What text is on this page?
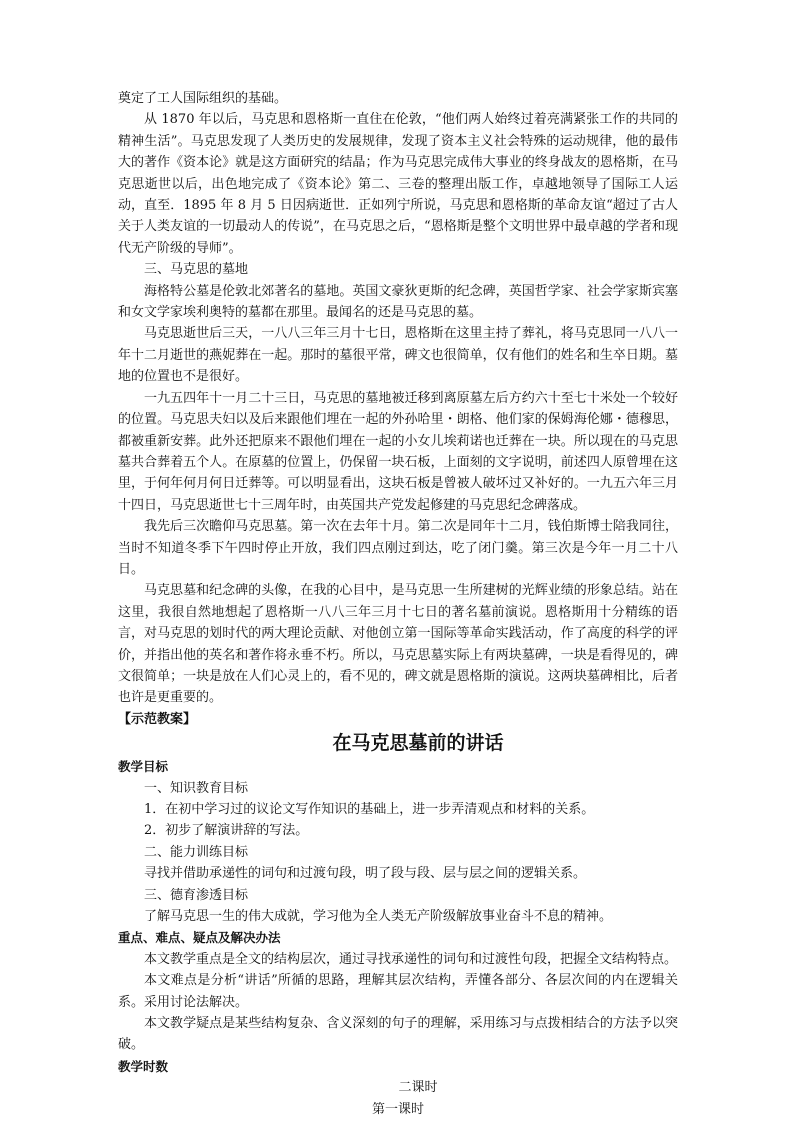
奠定了工人国际组织的基础。

从 1870 年以后，马克思和恩格斯一直住在伦敦，“他们两人始终过着亮满紧张工作的共同的精神生活”。马克思发现了人类历史的发展规律，发现了资本主义社会特殊的运动规律，他的最伟大的著作《资本论》就是这方面研究的结晶；作为马克思完成伟大事业的终身战友的恩格斯，在马克思逝世以后，出色地完成了《资本论》第二、三卷的整理出版工作，卓越地领导了国际工人运动，直至．1895 年 8 月 5 日因病逝世．正如列宁所说，马克思和恩格斯的革命友谊“超过了古人关于人类友谊的一切最动人的传说”，在马克思之后，“恩格斯是整个文明世界中最卓越的学者和现代无产阶级的导师”。

三、马克思的墓地

海格特公墓是伦敦北郊著名的墓地。英国文豪狄更斯的纪念碑，英国哲学家、社会学家斯宾塞和女文学家埃利奥特的墓都在那里。最闻名的还是马克思的墓。

马克思逝世后三天，一八八三年三月十七日，恩格斯在这里主持了葬礼，将马克思同一八八一年十二月逝世的燕妮葬在一起。那时的墓很平常，碑文也很简单，仅有他们的姓名和生卒日期。墓地的位置也不是很好。

一九五四年十一月二十三日，马克思的墓地被迁移到离原墓左后方约六十至七十米处一个较好的位置。马克思夫妇以及后来跟他们埋在一起的外孙哈里・朗格、他们家的保姆海伦娜・德穆思，都被重新安葬。此外还把原来不跟他们埋在一起的小女儿埃莉诺也迁葬在一块。所以现在的马克思墓共合葬着五个人。在原墓的位置上，仍保留一块石板，上面刻的文字说明，前述四人原曾埋在这里，于何年何月何日迁葬等。可以明显看出，这块石板是曾被人破坏过又补好的。一九五六年三月十四日，马克思逝世七十三周年时，由英国共产党发起修建的马克思纪念碑落成。

我先后三次瞻仰马克思墓。第一次在去年十月。第二次是同年十二月，钱伯斯博士陪我同往，当时不知道冬季下午四时停止开放，我们四点刚过到达，吃了闭门羹。第三次是今年一月二十八日。

马克思墓和纪念碑的头像，在我的心目中，是马克思一生所建树的光辉业绩的形象总结。站在这里，我很自然地想起了恩格斯一八八三年三月十七日的著名墓前演说。恩格斯用十分精练的语言，对马克思的划时代的两大理论贡献、对他创立第一国际等革命实践活动，作了高度的科学的评价，并指出他的英名和著作将永垂不朽。所以，马克思墓实际上有两块墓碑，一块是看得见的，碑文很简单；一块是放在人们心灵上的，看不见的，碑文就是恩格斯的演说。这两块墓碑相比，后者也许是更重要的。

【示范教案】

在马克思墓前的讲话

教学目标

一、知识教育目标

1．在初中学习过的议论文写作知识的基础上，进一步弄清观点和材料的关系。

2．初步了解演讲辞的写法。

二、能力训练目标

寻找并借助承递性的词句和过渡句段，明了段与段、层与层之间的逻辑关系。

三、德育渗透目标

了解马克思一生的伟大成就，学习他为全人类无产阶级解放事业奋斗不息的精神。

重点、难点、疑点及解决办法

本文教学重点是全文的结构层次，通过寻找承递性的词句和过渡性句段，把握全文结构特点。

本文难点是分析“讲话”所循的思路，理解其层次结构，弄懂各部分、各层次间的内在逻辑关系。采用讨论法解决。

本文教学疑点是某些结构复杂、含义深刻的句子的理解，采用练习与点拨相结合的方法予以突破。

教学时数

二课时

第一课时
